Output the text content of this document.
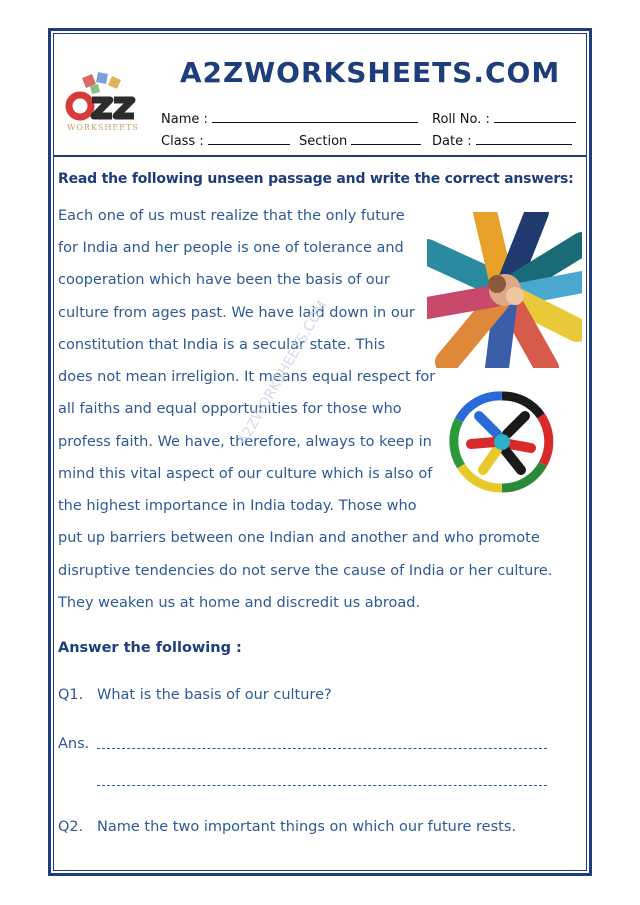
WORKSHEETS
A2ZWORKSHEETS.COM
Name :	Roll No. :
Class :	Section	Date :
Read the following unseen passage and write the correct answers:
Each one of us must realize that the only future
for India and her people is one of tolerance and
cooperation which have been the basis of our
culture from ages past. We have laid down in our
constitution that India is a secular state. This
does not mean irreligion. It means equal respect for
all faiths and equal opportunities for those who
profess faith. We have, therefore, always to keep in
mind this vital aspect of our culture which is also of
the highest importance in India today. Those who
put up barriers between one Indian and another and who promote
disruptive tendencies do not serve the cause of India or her culture.
They weaken us at home and discredit us abroad.
A2ZWORKSHEETS.COM
Answer the following :
Q1. What is the basis of our culture?
Ans.
Q2. Name the two important things on which our future rests.
